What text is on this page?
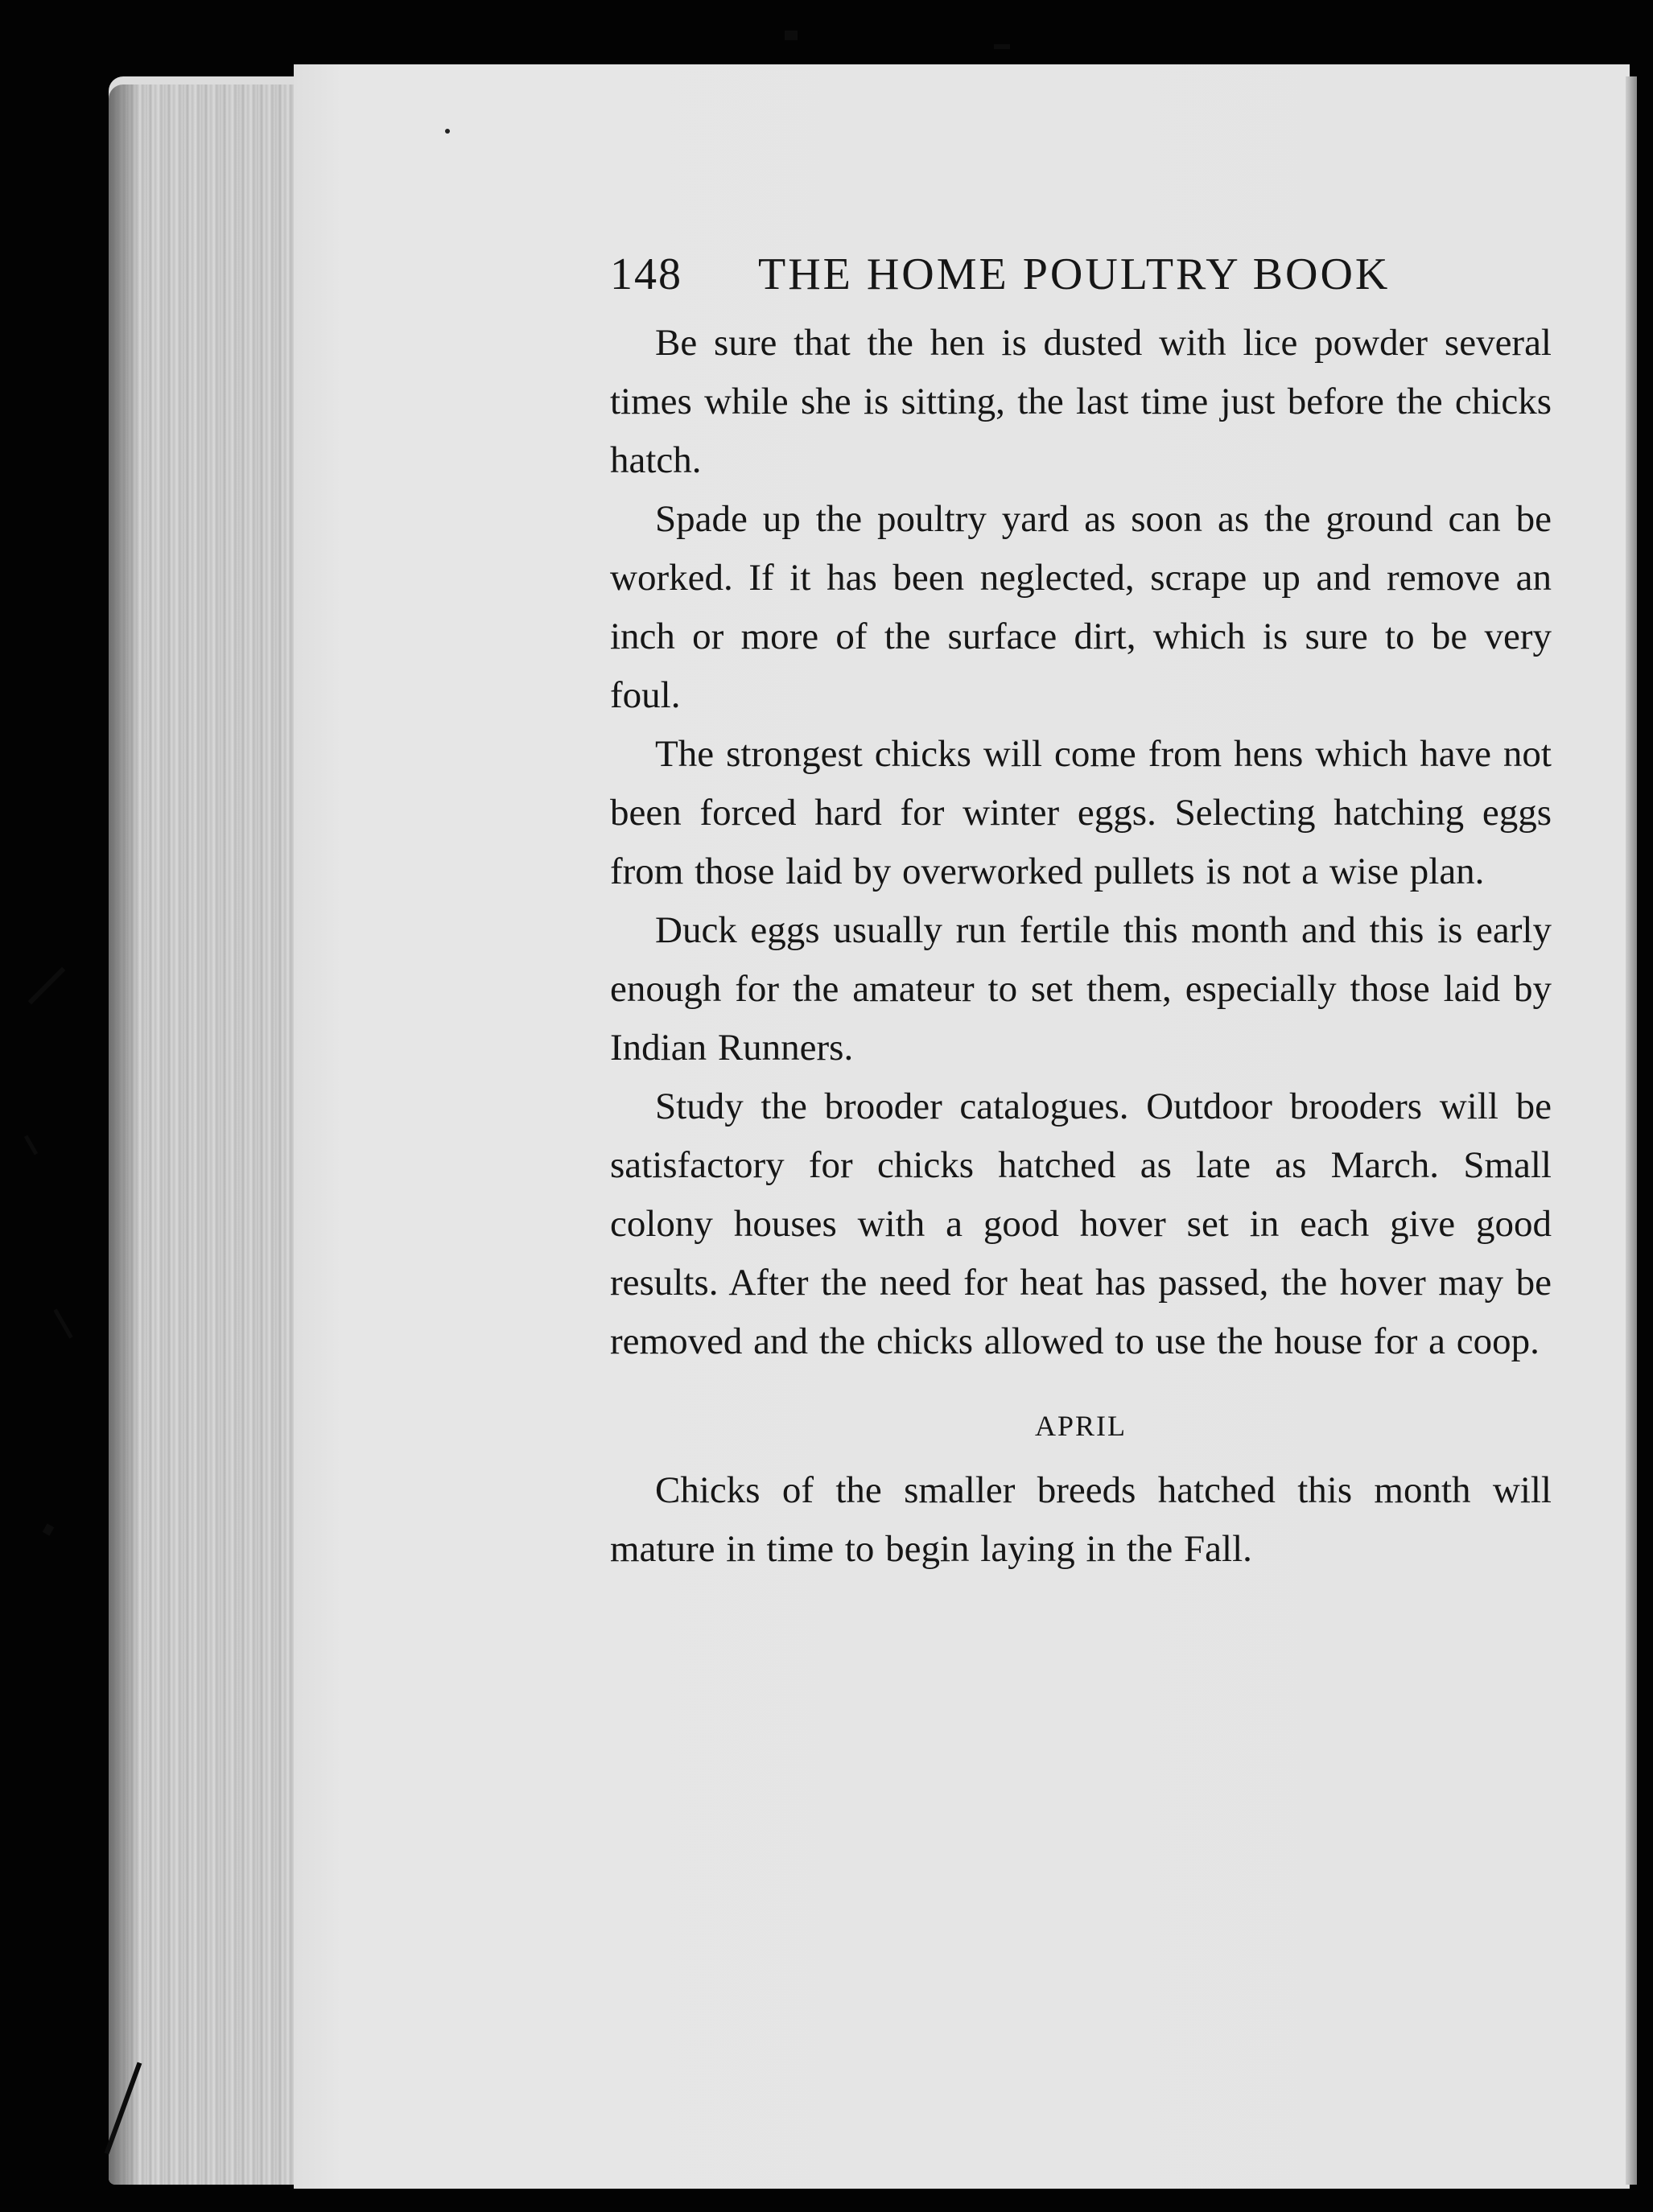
148 THE HOME POULTRY BOOK

Be sure that the hen is dusted with lice powder several times while she is sitting, the last time just before the chicks hatch.

Spade up the poultry yard as soon as the ground can be worked. If it has been neglected, scrape up and remove an inch or more of the surface dirt, which is sure to be very foul.

The strongest chicks will come from hens which have not been forced hard for winter eggs. Selecting hatching eggs from those laid by overworked pullets is not a wise plan.

Duck eggs usually run fertile this month and this is early enough for the amateur to set them, especially those laid by Indian Runners.

Study the brooder catalogues. Outdoor brooders will be satisfactory for chicks hatched as late as March. Small colony houses with a good hover set in each give good results. After the need for heat has passed, the hover may be removed and the chicks allowed to use the house for a coop.

APRIL

Chicks of the smaller breeds hatched this month will mature in time to begin laying in the Fall.
